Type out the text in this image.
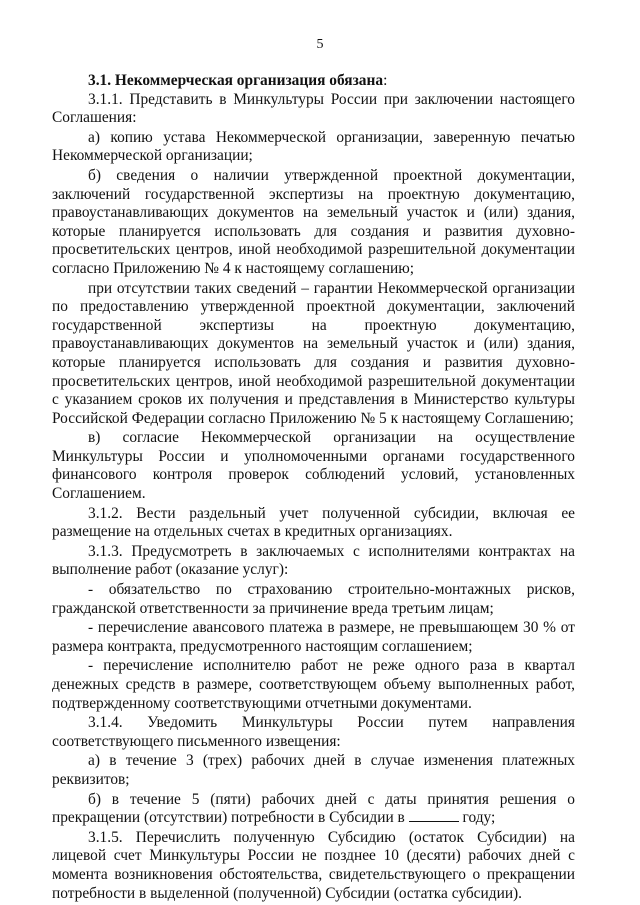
5

3.1. Некоммерческая организация обязана:

3.1.1. Представить в Минкультуры России при заключении настоящего Соглашения:

а) копию устава Некоммерческой организации, заверенную печатью Некоммерческой организации;

б) сведения о наличии утвержденной проектной документации, заключений государственной экспертизы на проектную документацию, правоустанавливающих документов на земельный участок и (или) здания, которые планируется использовать для создания и развития духовно-просветительских центров, иной необходимой разрешительной документации согласно Приложению № 4 к настоящему соглашению;

при отсутствии таких сведений – гарантии Некоммерческой организации по предоставлению утвержденной проектной документации, заключений государственной экспертизы на проектную документацию, правоустанавливающих документов на земельный участок и (или) здания, которые планируется использовать для создания и развития духовно-просветительских центров, иной необходимой разрешительной документации с указанием сроков их получения и представления в Министерство культуры Российской Федерации согласно Приложению № 5 к настоящему Соглашению;

в) согласие Некоммерческой организации на осуществление Минкультуры России и уполномоченными органами государственного финансового контроля проверок соблюдений условий, установленных Соглашением.

3.1.2. Вести раздельный учет полученной субсидии, включая ее размещение на отдельных счетах в кредитных организациях.

3.1.3. Предусмотреть в заключаемых с исполнителями контрактах на выполнение работ (оказание услуг):

- обязательство по страхованию строительно-монтажных рисков, гражданской ответственности за причинение вреда третьим лицам;

- перечисление авансового платежа в размере, не превышающем 30 % от размера контракта, предусмотренного настоящим соглашением;

- перечисление исполнителю работ не реже одного раза в квартал денежных средств в размере, соответствующем объему выполненных работ, подтвержденному соответствующими отчетными документами.

3.1.4. Уведомить Минкультуры России путем направления соответствующего письменного извещения:

а) в течение 3 (трех) рабочих дней в случае изменения платежных реквизитов;

б) в течение 5 (пяти) рабочих дней с даты принятия решения о прекращении (отсутствии) потребности в Субсидии в	году;

3.1.5. Перечислить полученную Субсидию (остаток Субсидии) на лицевой счет Минкультуры России не позднее 10 (десяти) рабочих дней с момента возникновения обстоятельства, свидетельствующего о прекращении потребности в выделенной (полученной) Субсидии (остатка субсидии).
